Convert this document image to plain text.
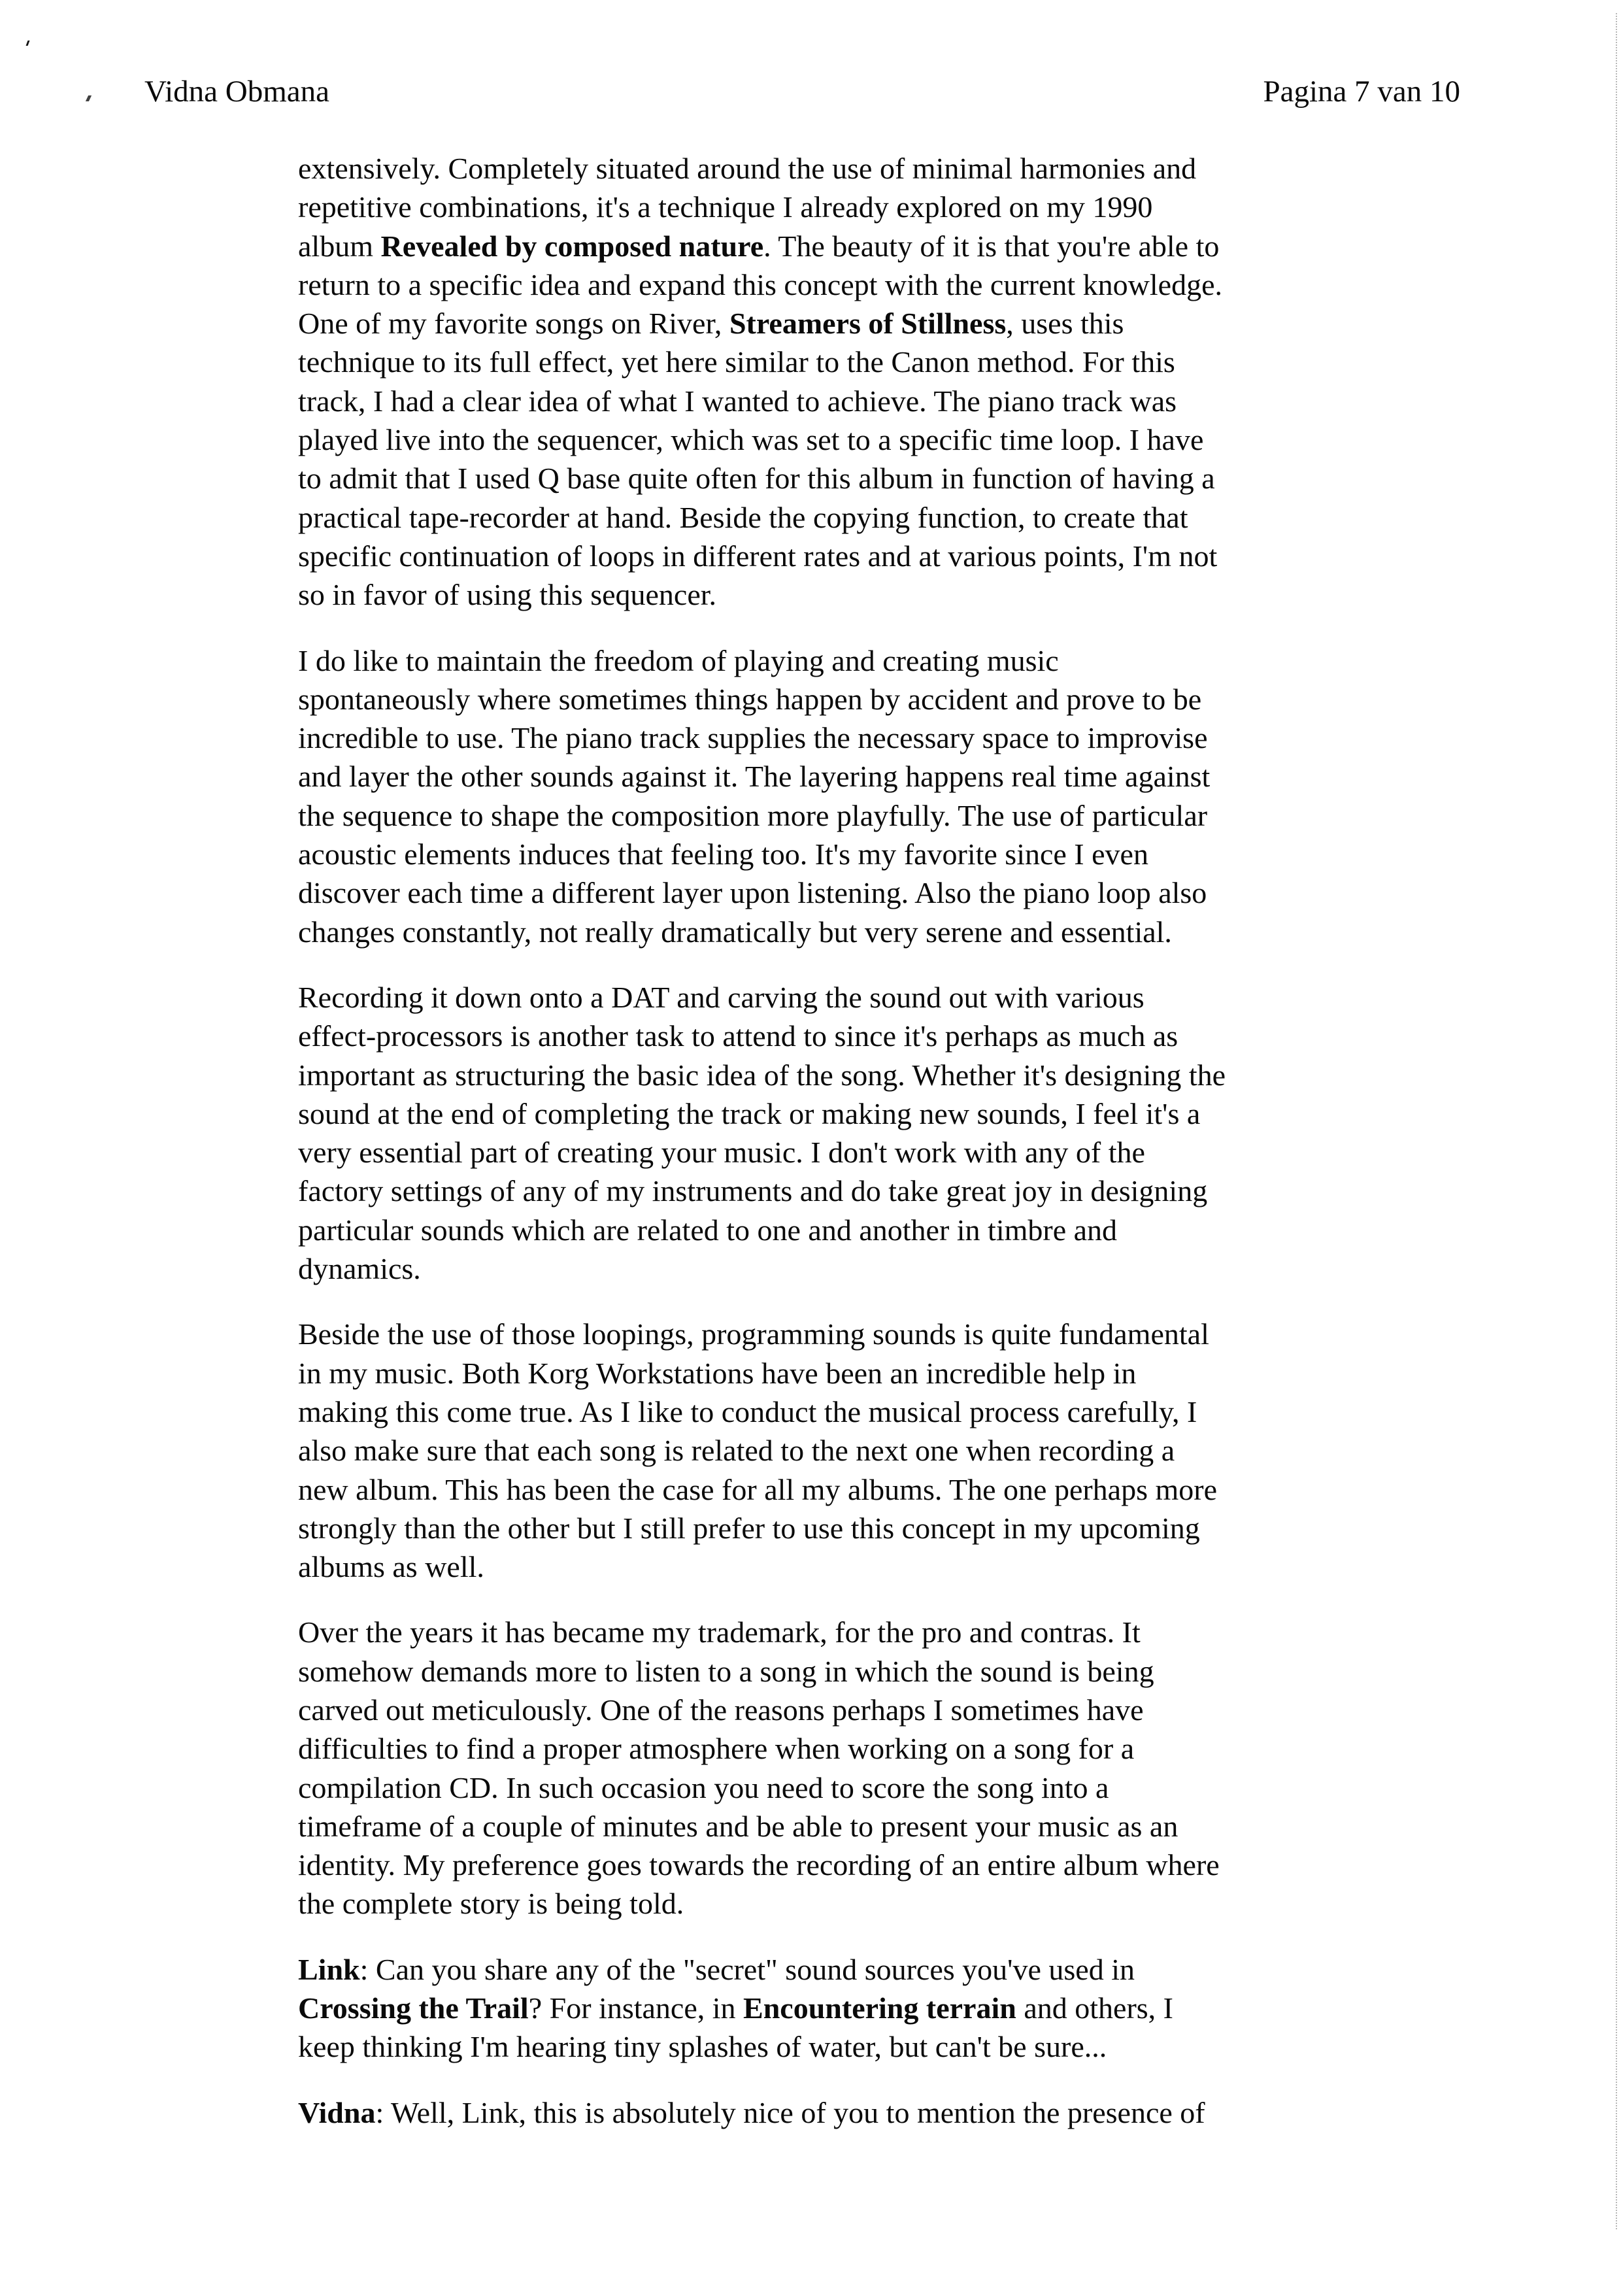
Vidna Obmana	Pagina 7 van 10
extensively. Completely situated around the use of minimal harmonies and
repetitive combinations, it's a technique I already explored on my 1990
album Revealed by composed nature. The beauty of it is that you're able to
return to a specific idea and expand this concept with the current knowledge.
One of my favorite songs on River, Streamers of Stillness, uses this
technique to its full effect, yet here similar to the Canon method. For this
track, I had a clear idea of what I wanted to achieve. The piano track was
played live into the sequencer, which was set to a specific time loop. I have
to admit that I used Q base quite often for this album in function of having a
practical tape-recorder at hand. Beside the copying function, to create that
specific continuation of loops in different rates and at various points, I'm not
so in favor of using this sequencer.
I do like to maintain the freedom of playing and creating music
spontaneously where sometimes things happen by accident and prove to be
incredible to use. The piano track supplies the necessary space to improvise
and layer the other sounds against it. The layering happens real time against
the sequence to shape the composition more playfully. The use of particular
acoustic elements induces that feeling too. It's my favorite since I even
discover each time a different layer upon listening. Also the piano loop also
changes constantly, not really dramatically but very serene and essential.
Recording it down onto a DAT and carving the sound out with various
effect-processors is another task to attend to since it's perhaps as much as
important as structuring the basic idea of the song. Whether it's designing the
sound at the end of completing the track or making new sounds, I feel it's a
very essential part of creating your music. I don't work with any of the
factory settings of any of my instruments and do take great joy in designing
particular sounds which are related to one and another in timbre and
dynamics.
Beside the use of those loopings, programming sounds is quite fundamental
in my music. Both Korg Workstations have been an incredible help in
making this come true. As I like to conduct the musical process carefully, I
also make sure that each song is related to the next one when recording a
new album. This has been the case for all my albums. The one perhaps more
strongly than the other but I still prefer to use this concept in my upcoming
albums as well.
Over the years it has became my trademark, for the pro and contras. It
somehow demands more to listen to a song in which the sound is being
carved out meticulously. One of the reasons perhaps I sometimes have
difficulties to find a proper atmosphere when working on a song for a
compilation CD. In such occasion you need to score the song into a
timeframe of a couple of minutes and be able to present your music as an
identity. My preference goes towards the recording of an entire album where
the complete story is being told.
Link: Can you share any of the "secret" sound sources you've used in
Crossing the Trail? For instance, in Encountering terrain and others, I
keep thinking I'm hearing tiny splashes of water, but can't be sure...
Vidna: Well, Link, this is absolutely nice of you to mention the presence of
